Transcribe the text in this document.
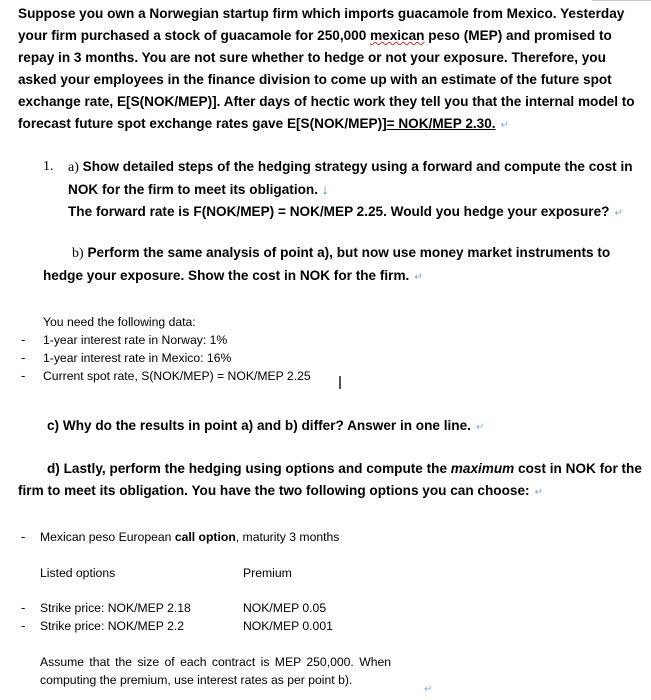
Suppose you own a Norwegian startup firm which imports guacamole from Mexico. Yesterday
your firm purchased a stock of guacamole for 250,000 mexican peso (MEP) and promised to
repay in 3 months. You are not sure whether to hedge or not your exposure. Therefore, you
asked your employees in the finance division to come up with an estimate of the future spot
exchange rate, E[S(NOK/MEP)]. After days of hectic work they tell you that the internal model to
forecast future spot exchange rates gave E[S(NOK/MEP)]= NOK/MEP 2.30. ↵
1. a) Show detailed steps of the hedging strategy using a forward and compute the cost in
NOK for the firm to meet its obligation. ↓
The forward rate is F(NOK/MEP) = NOK/MEP 2.25. Would you hedge your exposure? ↵
b) Perform the same analysis of point a), but now use money market instruments to
hedge your exposure. Show the cost in NOK for the firm. ↵
You need the following data:
- 1-year interest rate in Norway: 1%
- 1-year interest rate in Mexico: 16%
- Current spot rate, S(NOK/MEP) = NOK/MEP 2.25
c) Why do the results in point a) and b) differ? Answer in one line. ↵
d) Lastly, perform the hedging using options and compute the maximum cost in NOK for the
firm to meet its obligation. You have the two following options you can choose: ↵
- Mexican peso European call option, maturity 3 months
Listed options	Premium
- Strike price: NOK/MEP 2.18	NOK/MEP 0.05
- Strike price: NOK/MEP 2.2	NOK/MEP 0.001
Assume that the size of each contract is MEP 250,000. When
computing the premium, use interest rates as per point b).
↵
